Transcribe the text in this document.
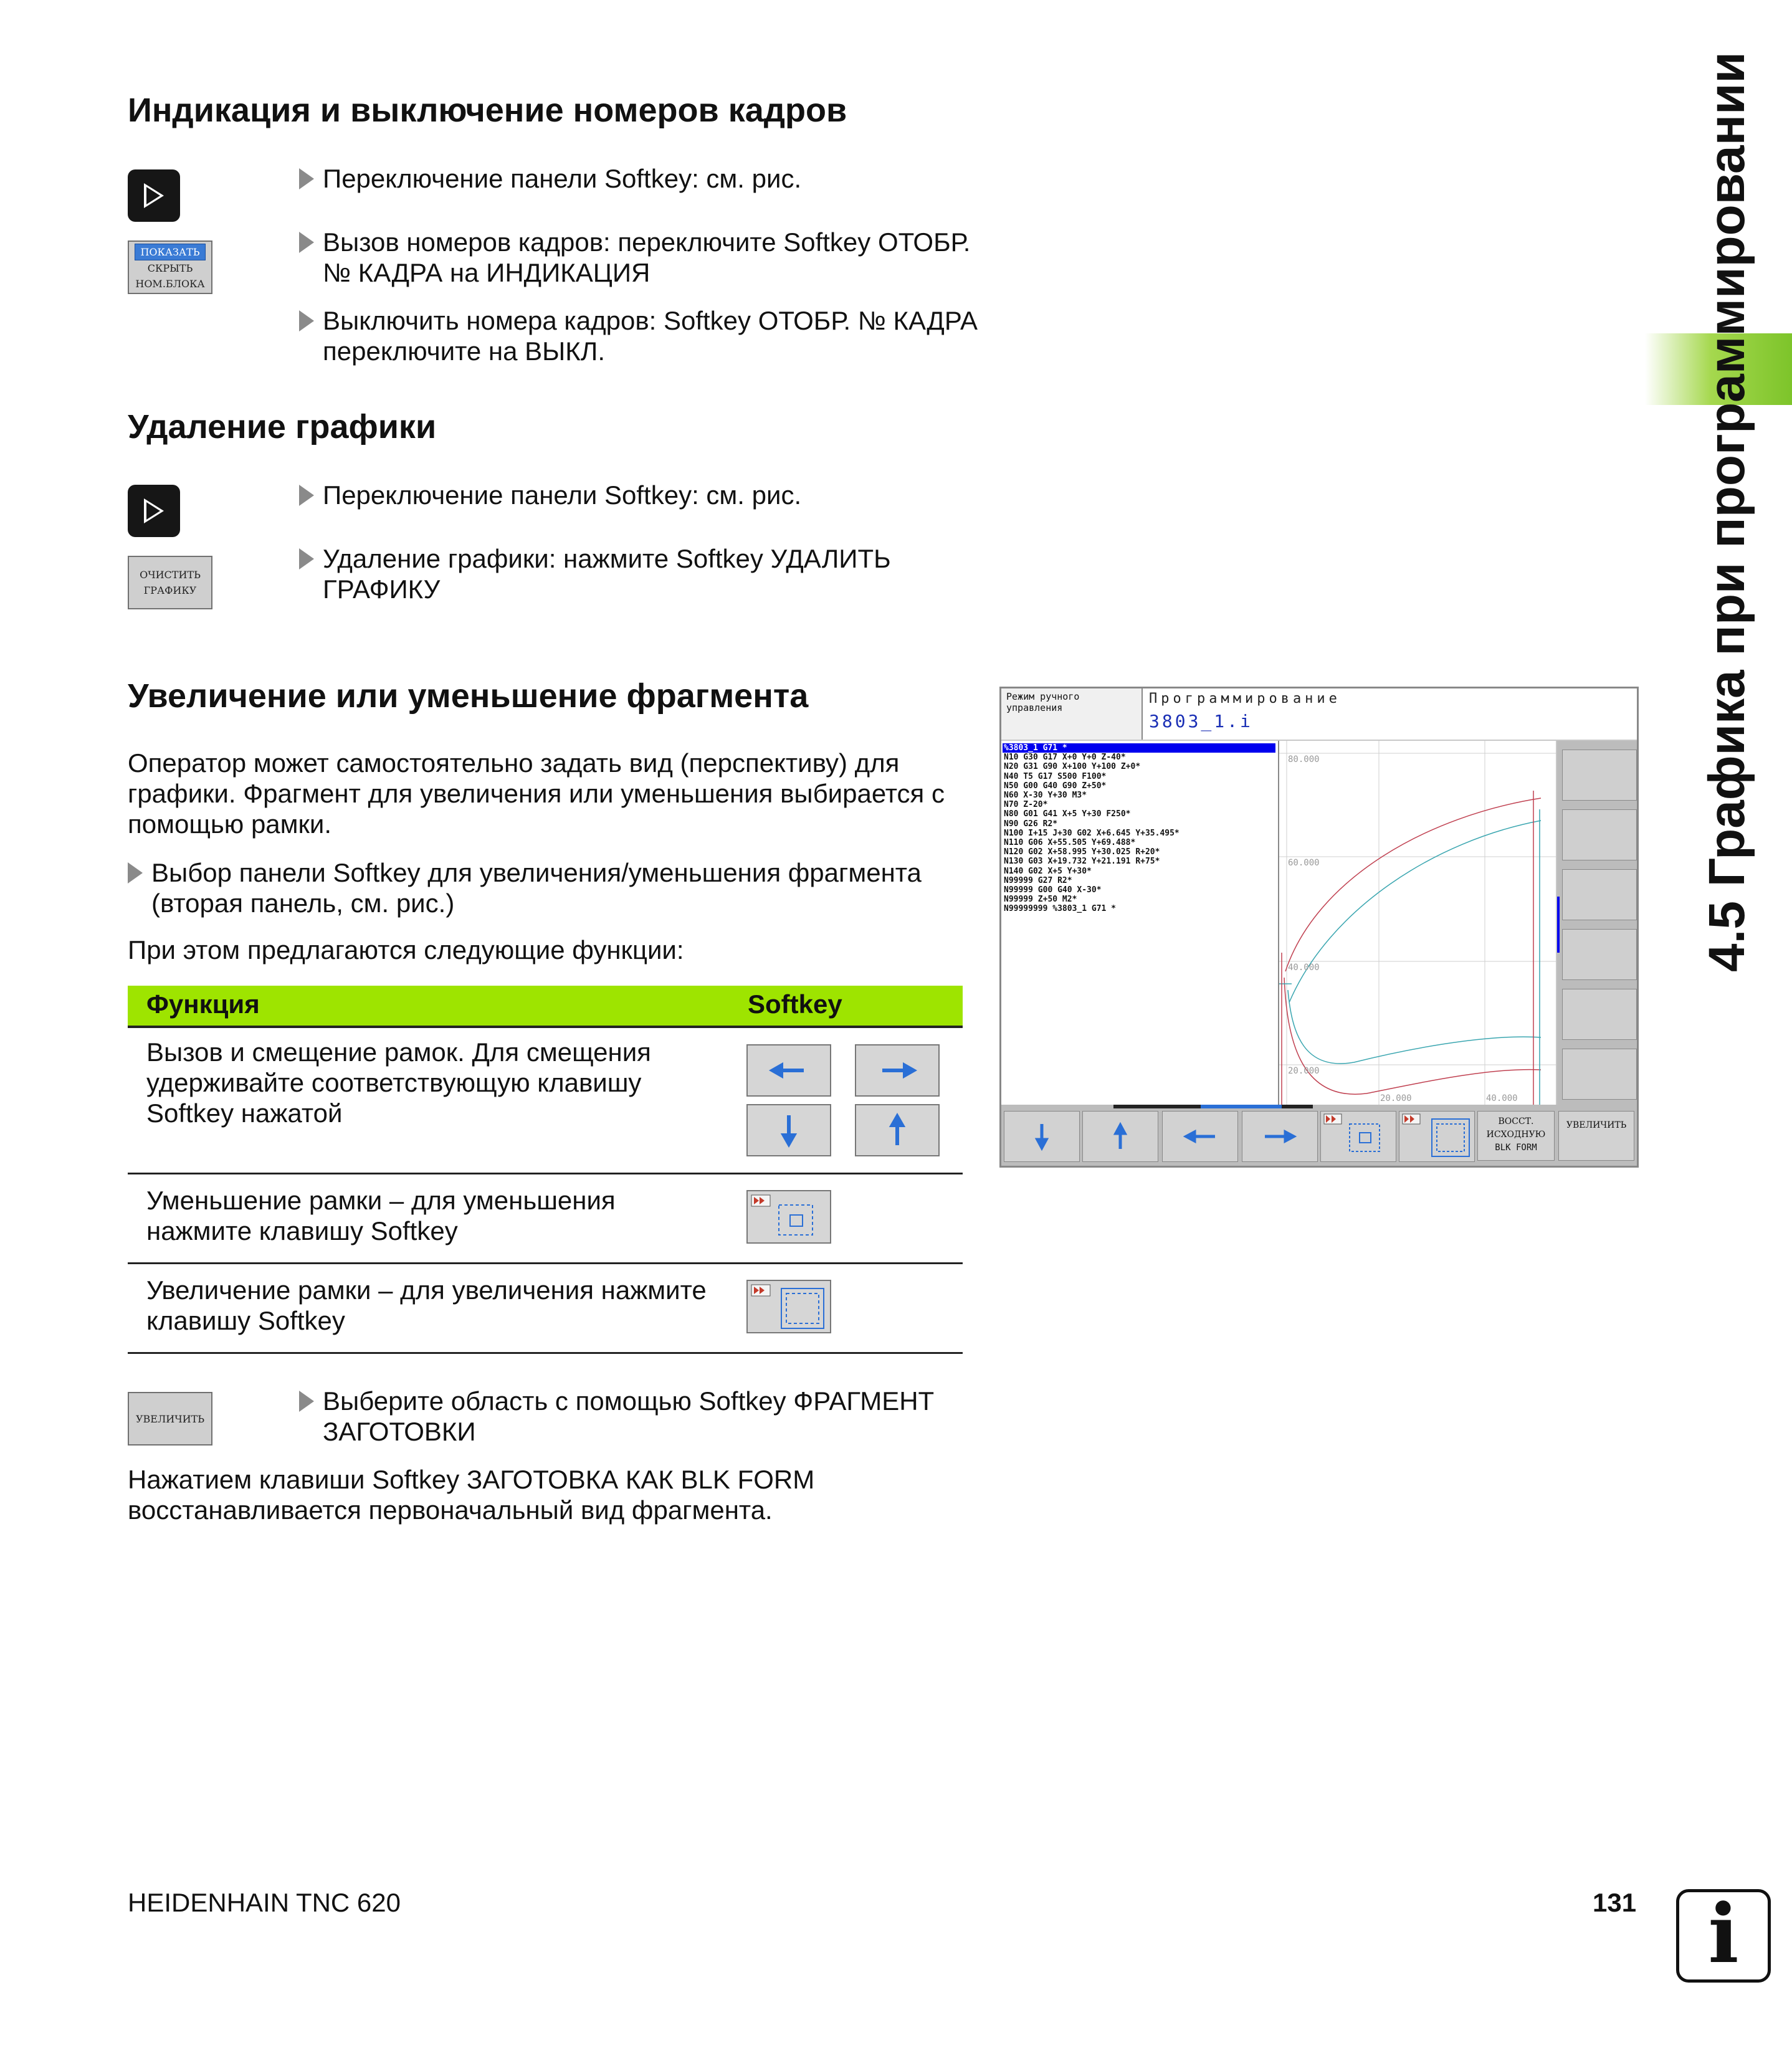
4.5 Графика при программировании
Индикация и выключение номеров кадров
ПОКАЗАТЬ
СКРЫТЬ
НОМ.БЛОКА
Переключение панели Softkey: см. рис.
Вызов номеров кадров: переключите Softkey ОТОБР. № КАДРА на ИНДИКАЦИЯ
Выключить номера кадров: Softkey ОТОБР. № КАДРА переключите на ВЫКЛ.
Удаление графики
ОЧИСТИТЬ
ГРАФИКУ
Переключение панели Softkey: см. рис.
Удаление графики: нажмите Softkey УДАЛИТЬ ГРАФИКУ
Увеличение или уменьшение фрагмента
Оператор может самостоятельно задать вид (перспективу) для графики. Фрагмент для увеличения или уменьшения выбирается с помощью рамки.
Выбор панели Softkey для увеличения/уменьшения фрагмента (вторая панель, см. рис.)
При этом предлагаются следующие функции:
Функция	Softkey
Вызов и смещение рамок. Для смещения удерживайте соответствующую клавишу Softkey нажатой
Уменьшение рамки – для уменьшения нажмите клавишу Softkey
Увеличение рамки – для увеличения нажмите клавишу Softkey
УВЕЛИЧИТЬ
Выберите область с помощью Softkey ФРАГМЕНТ ЗАГОТОВКИ
Нажатием клавиши Softkey ЗАГОТОВКА КАК BLK FORM восстанавливается первоначальный вид фрагмента.
Режим ручного
управления
Программирование
3803_1.i
%3803_1 G71 *
N10 G30 G17 X+0 Y+0 Z-40*
N20 G31 G90 X+100 Y+100 Z+0*
N40 T5 G17 S500 F100*
N50 G00 G40 G90 Z+50*
N60 X-30 Y+30 M3*
N70 Z-20*
N80 G01 G41 X+5 Y+30 F250*
N90 G26 R2*
N100 I+15 J+30 G02 X+6.645 Y+35.495*
N110 G06 X+55.505 Y+69.488*
N120 G02 X+58.995 Y+30.025 R+20*
N130 G03 X+19.732 Y+21.191 R+75*
N140 G02 X+5 Y+30*
N99999 G27 R2*
N99999 G00 G40 X-30*
N99999 Z+50 M2*
N99999999 %3803_1 G71 *
80.000
60.000
40.000
20.000
20.000	40.000
ВОССТ.
ИСХОДНУЮ
BLK FORM
УВЕЛИЧИТЬ
HEIDENHAIN TNC 620	131 i
